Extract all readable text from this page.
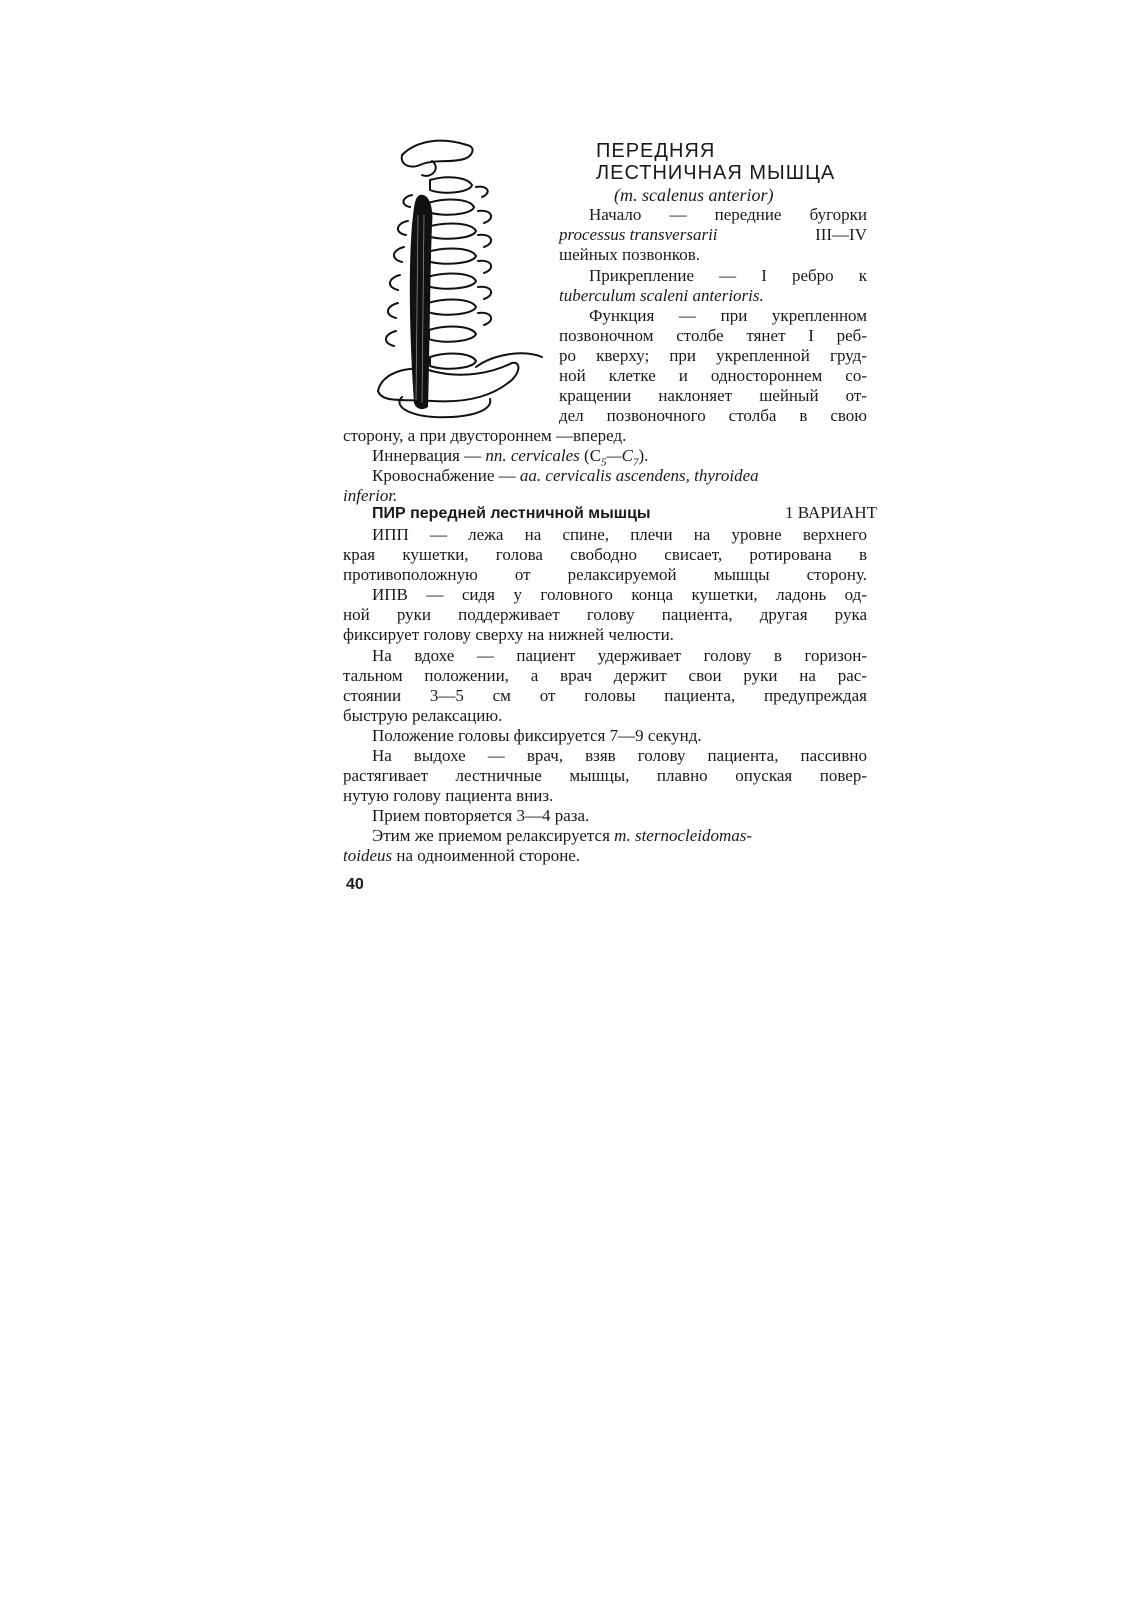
ПЕРЕДНЯЯ
ЛЕСТНИЧНАЯ МЫШЦА
(m. scalenus anterior)
Начало — передние бугорки
processus transversarii	III—IV
шейных позвонков.
Прикрепление — I ребро к
tuberculum scaleni anterioris.
Функция — при укрепленном
позвоночном столбе тянет I реб-
ро кверху; при укрепленной груд-
ной клетке и одностороннем со-
кращении наклоняет шейный от-
дел позвоночного столба в свою
сторону, а при двустороннем —вперед.
Иннервация — nn. cervicales $(C_5—C_7)$.
Кровоснабжение — aa. cervicalis ascendens, thyroidea
inferior.
ПИР передней лестничной мышцы	1 ВАРИАНТ
ИПП — лежа на спине, плечи на уровне верхнего
края кушетки, голова свободно свисает, ротирована в
противоположную от релаксируемой мышцы сторону.
ИПВ — сидя у головного конца кушетки, ладонь од-
ной руки поддерживает голову пациента, другая рука
фиксирует голову сверху на нижней челюсти.
На вдохе — пациент удерживает голову в горизон-
тальном положении, а врач держит свои руки на рас-
стоянии 3—5 см от головы пациента, предупреждая
быструю релаксацию.
Положение головы фиксируется 7—9 секунд.
На выдохе — врач, взяв голову пациента, пассивно
растягивает лестничные мышцы, плавно опуская повер-
нутую голову пациента вниз.
Прием повторяется 3—4 раза.
Этим же приемом релаксируется m. sternocleidomas-
toideus на одноименной стороне.
40
